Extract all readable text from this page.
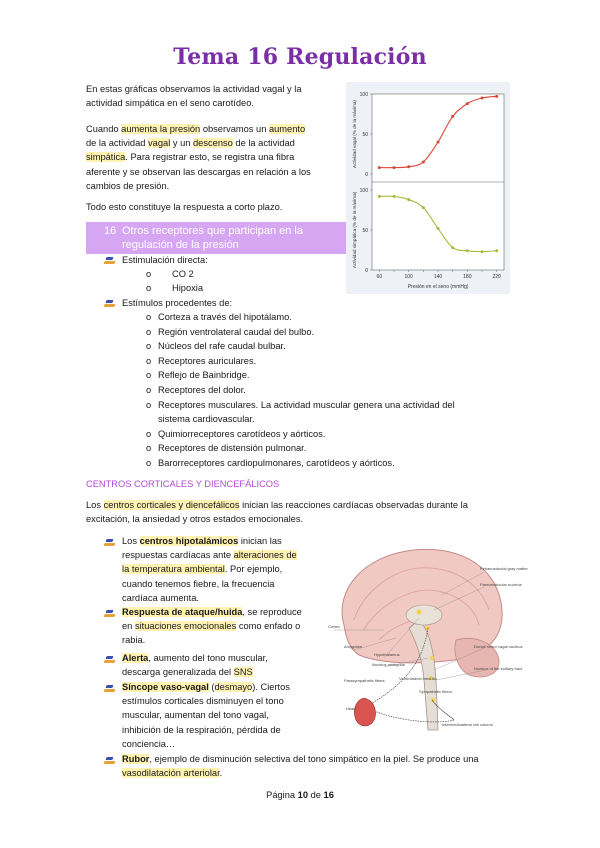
Tema 16 Regulación
En estas gráficas observamos la actividad vagal y la
actividad simpática en el seno carotídeo.
Cuando aumenta la presión observamos un aumento
de la actividad vagal y un descenso de la actividad
simpática. Para registrar esto, se registra una fibra
aferente y se observan las descargas en relación a los
cambios de presión.
Todo esto constituye la respuesta a corto plazo.
0
50
100
Actividad vagal (% de la máxima)
0
50
100
Actividad simpática (% de la máxima)
60	100	140	180	220
Presión en el seno (mmHg)
16 Otros receptores que participan en la
regulación de la presión
Estimulación directa:
o CO 2
o Hipoxia
Estímulos procedentes de:
o Corteza a través del hipotálamo.
o Región ventrolateral caudal del bulbo.
o Núcleos del rafe caudal bulbar.
o Receptores auriculares.
o Reflejo de Bainbridge.
o Receptores del dolor.
o Receptores musculares. La actividad muscular genera una actividad del
sistema cardiovascular.
o Quimiorreceptores carotídeos y aórticos.
o Receptores de distensión pulmonar.
o Barorreceptores cardiopulmonares, carotídeos y aórticos.
CENTROS CORTICALES Y DIENCEFÁLICOS
Los centros corticales y diencefálicos inician las reacciones cardíacas observadas durante la
excitación, la ansiedad y otros estados emocionales.
Periacueductal gray matter
Paraventricular nucleus
Cortex
Amygdala
Hypothalamus
Nucleus ambiguus
Dorsal motor vagal nucleus
Nucleus of the solitary tract
Parasympathetic fibers	Ventrolateral medulla
Sympathetic fibers
Intermediolateral cell column
Heart
Los centros hipotalámicos inician las
respuestas cardíacas ante alteraciones de
la temperatura ambiental. Por ejemplo,
cuando tenemos fiebre, la frecuencia
cardíaca aumenta.
Respuesta de ataque/huida, se reproduce
en situaciones emocionales como enfado o
rabia.
Alerta, aumento del tono muscular,
descarga generalizada del SNS
Síncope vaso-vagal (desmayo). Ciertos
estímulos corticales disminuyen el tono
muscular, aumentan del tono vagal,
inhibición de la respiración, pérdida de
conciencia…
Rubor, ejemplo de disminución selectiva del tono simpático en la piel. Se produce una
vasodilatación arteriolar.
Página 10 de 16
